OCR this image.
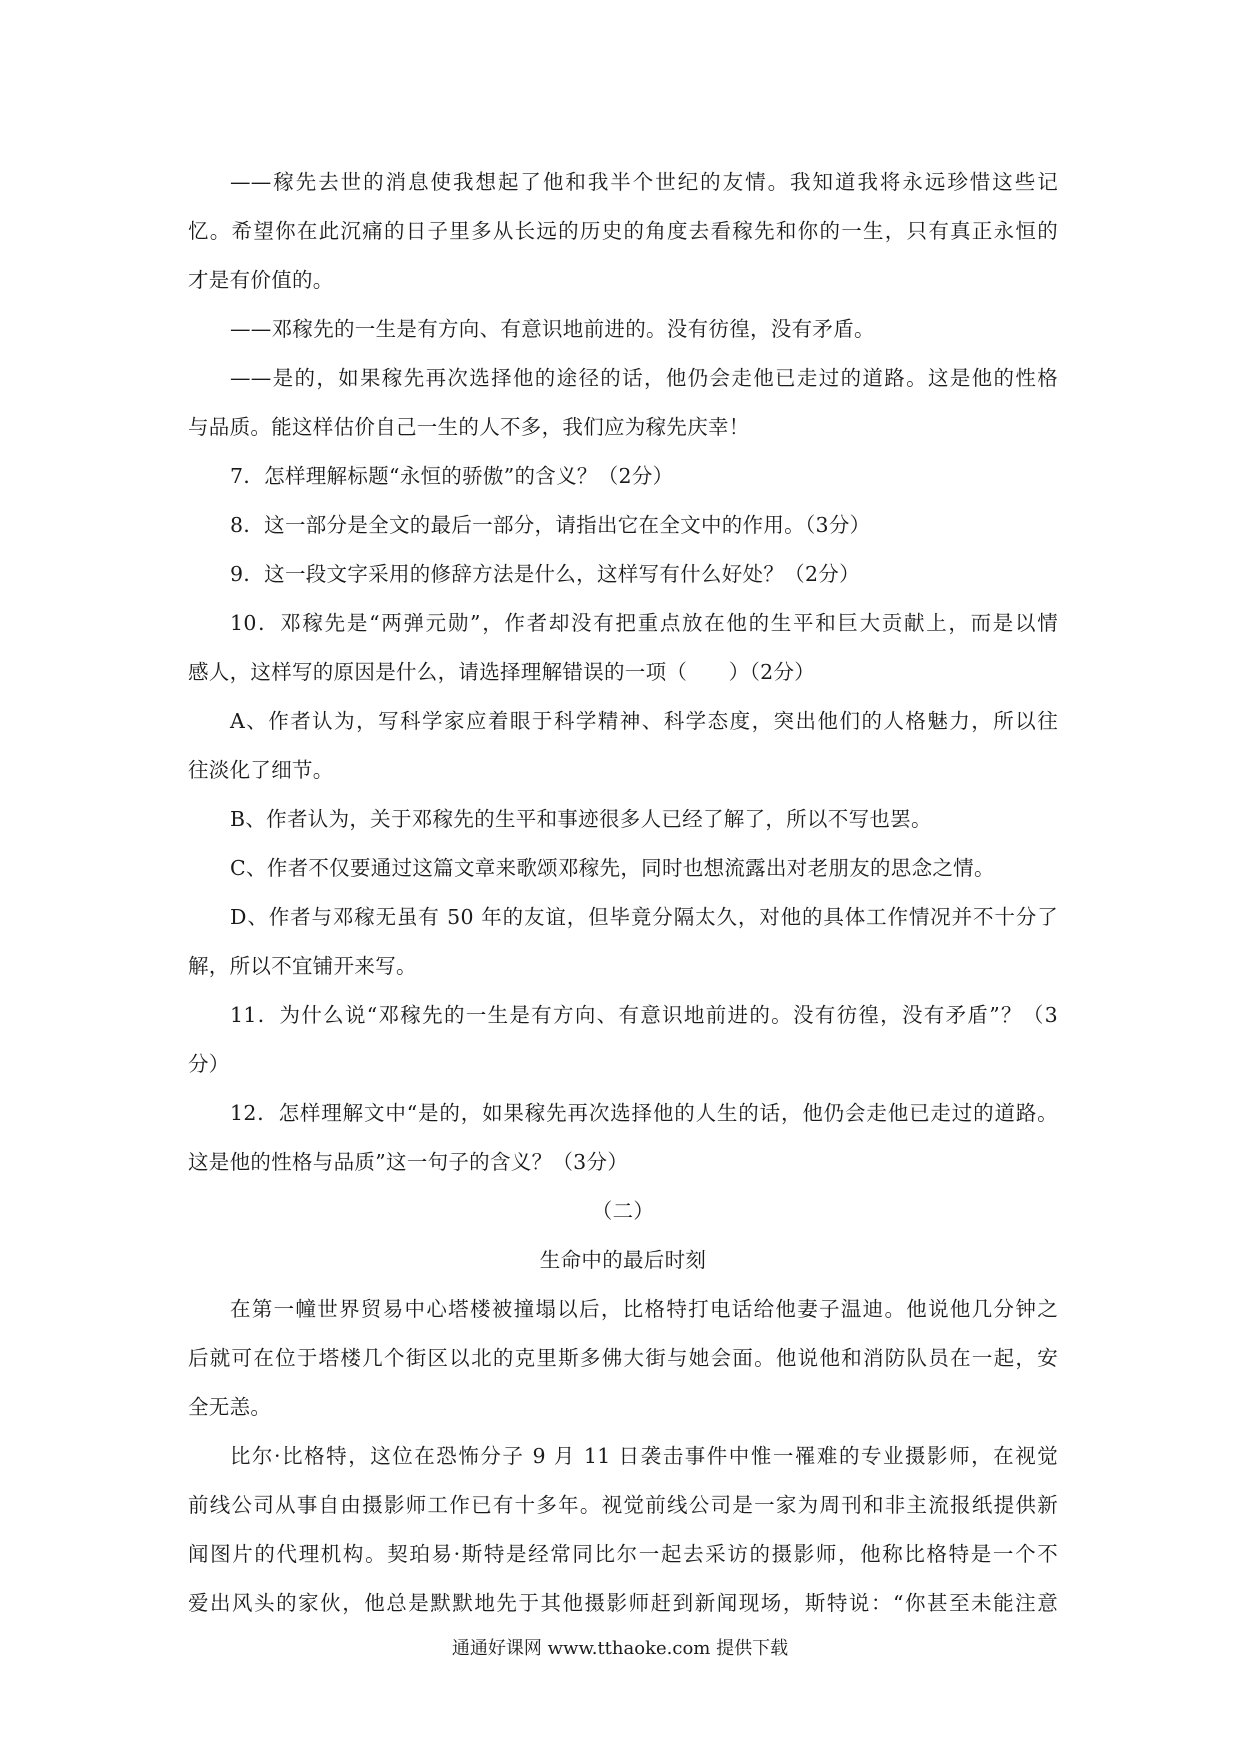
——稼先去世的消息使我想起了他和我半个世纪的友情。我知道我将永远珍惜这些记
忆。希望你在此沉痛的日子里多从长远的历史的角度去看稼先和你的一生，只有真正永恒的
才是有价值的。
——邓稼先的一生是有方向、有意识地前进的。没有彷徨，没有矛盾。
——是的，如果稼先再次选择他的途径的话，他仍会走他已走过的道路。这是他的性格
与品质。能这样估价自己一生的人不多，我们应为稼先庆幸！
7．怎样理解标题“永恒的骄傲”的含义？（2分）
8．这一部分是全文的最后一部分，请指出它在全文中的作用。（3分）
9．这一段文字采用的修辞方法是什么，这样写有什么好处？（2分）
10．邓稼先是“两弹元勋”，作者却没有把重点放在他的生平和巨大贡献上，而是以情
感人，这样写的原因是什么，请选择理解错误的一项（　　）（2分）
A、作者认为，写科学家应着眼于科学精神、科学态度，突出他们的人格魅力，所以往
往淡化了细节。
B、作者认为，关于邓稼先的生平和事迹很多人已经了解了，所以不写也罢。
C、作者不仅要通过这篇文章来歌颂邓稼先，同时也想流露出对老朋友的思念之情。
D、作者与邓稼无虽有 50 年的友谊，但毕竟分隔太久，对他的具体工作情况并不十分了
解，所以不宜铺开来写。
11．为什么说“邓稼先的一生是有方向、有意识地前进的。没有彷徨，没有矛盾”？（3
分）
12．怎样理解文中“是的，如果稼先再次选择他的人生的话，他仍会走他已走过的道路。
这是他的性格与品质”这一句子的含义？（3分）
（二）
生命中的最后时刻
在第一幢世界贸易中心塔楼被撞塌以后，比格特打电话给他妻子温迪。他说他几分钟之
后就可在位于塔楼几个街区以北的克里斯多佛大街与她会面。他说他和消防队员在一起，安
全无恙。
比尔·比格特，这位在恐怖分子 9 月 11 日袭击事件中惟一罹难的专业摄影师，在视觉
前线公司从事自由摄影师工作已有十多年。视觉前线公司是一家为周刊和非主流报纸提供新
闻图片的代理机构。契珀易·斯特是经常同比尔一起去采访的摄影师，他称比格特是一个不
爱出风头的家伙，他总是默默地先于其他摄影师赶到新闻现场，斯特说：“你甚至未能注意
通通好课网 www.tthaoke.com 提供下载
